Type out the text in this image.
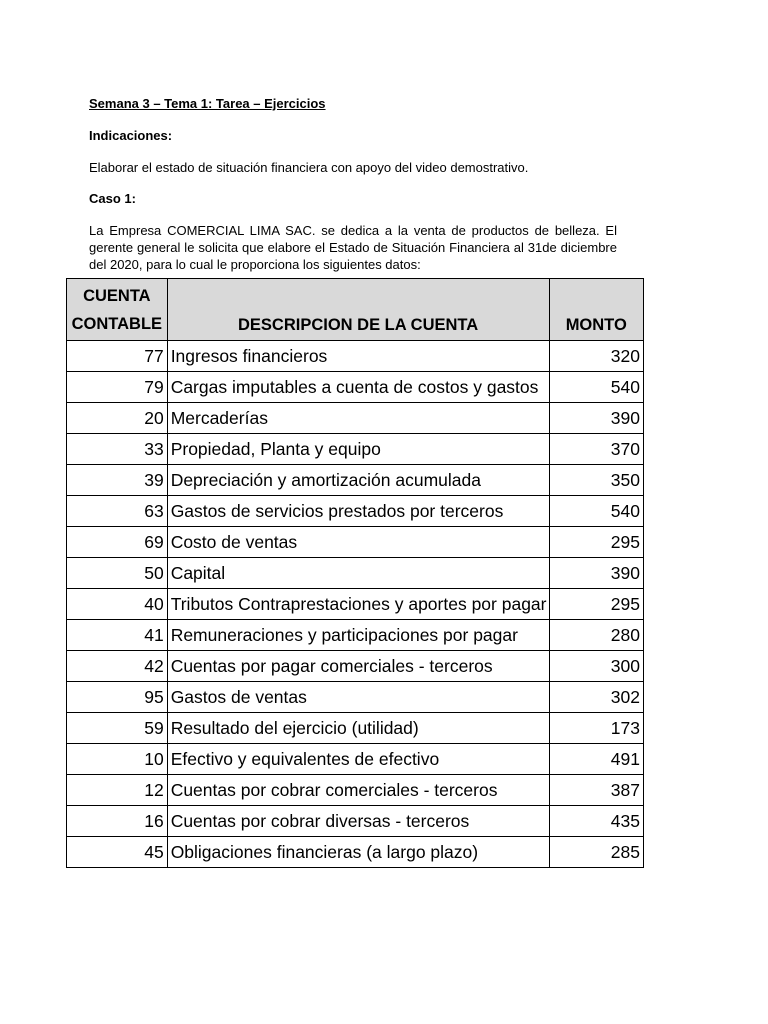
Semana 3 – Tema 1: Tarea – Ejercicios
Indicaciones:
Elaborar el estado de situación financiera con apoyo del video demostrativo.
Caso 1:
La Empresa COMERCIAL LIMA SAC. se dedica a la venta de productos de belleza. El gerente general le solicita que elabore el Estado de Situación Financiera al 31de diciembre del 2020, para lo cual le proporciona los siguientes datos:
CUENTA
CONTABLE	DESCRIPCION DE LA CUENTA	MONTO
77	Ingresos financieros	320
79	Cargas imputables a cuenta de costos y gastos	540
20	Mercaderías	390
33	Propiedad, Planta y equipo	370
39	Depreciación y amortización acumulada	350
63	Gastos de servicios prestados por terceros	540
69	Costo de ventas	295
50	Capital	390
40	Tributos Contraprestaciones y aportes por pagar	295
41	Remuneraciones y participaciones por pagar	280
42	Cuentas por pagar comerciales - terceros	300
95	Gastos de ventas	302
59	Resultado del ejercicio (utilidad)	173
10	Efectivo y equivalentes de efectivo	491
12	Cuentas por cobrar comerciales - terceros	387
16	Cuentas por cobrar diversas - terceros	435
45	Obligaciones financieras (a largo plazo)	285
